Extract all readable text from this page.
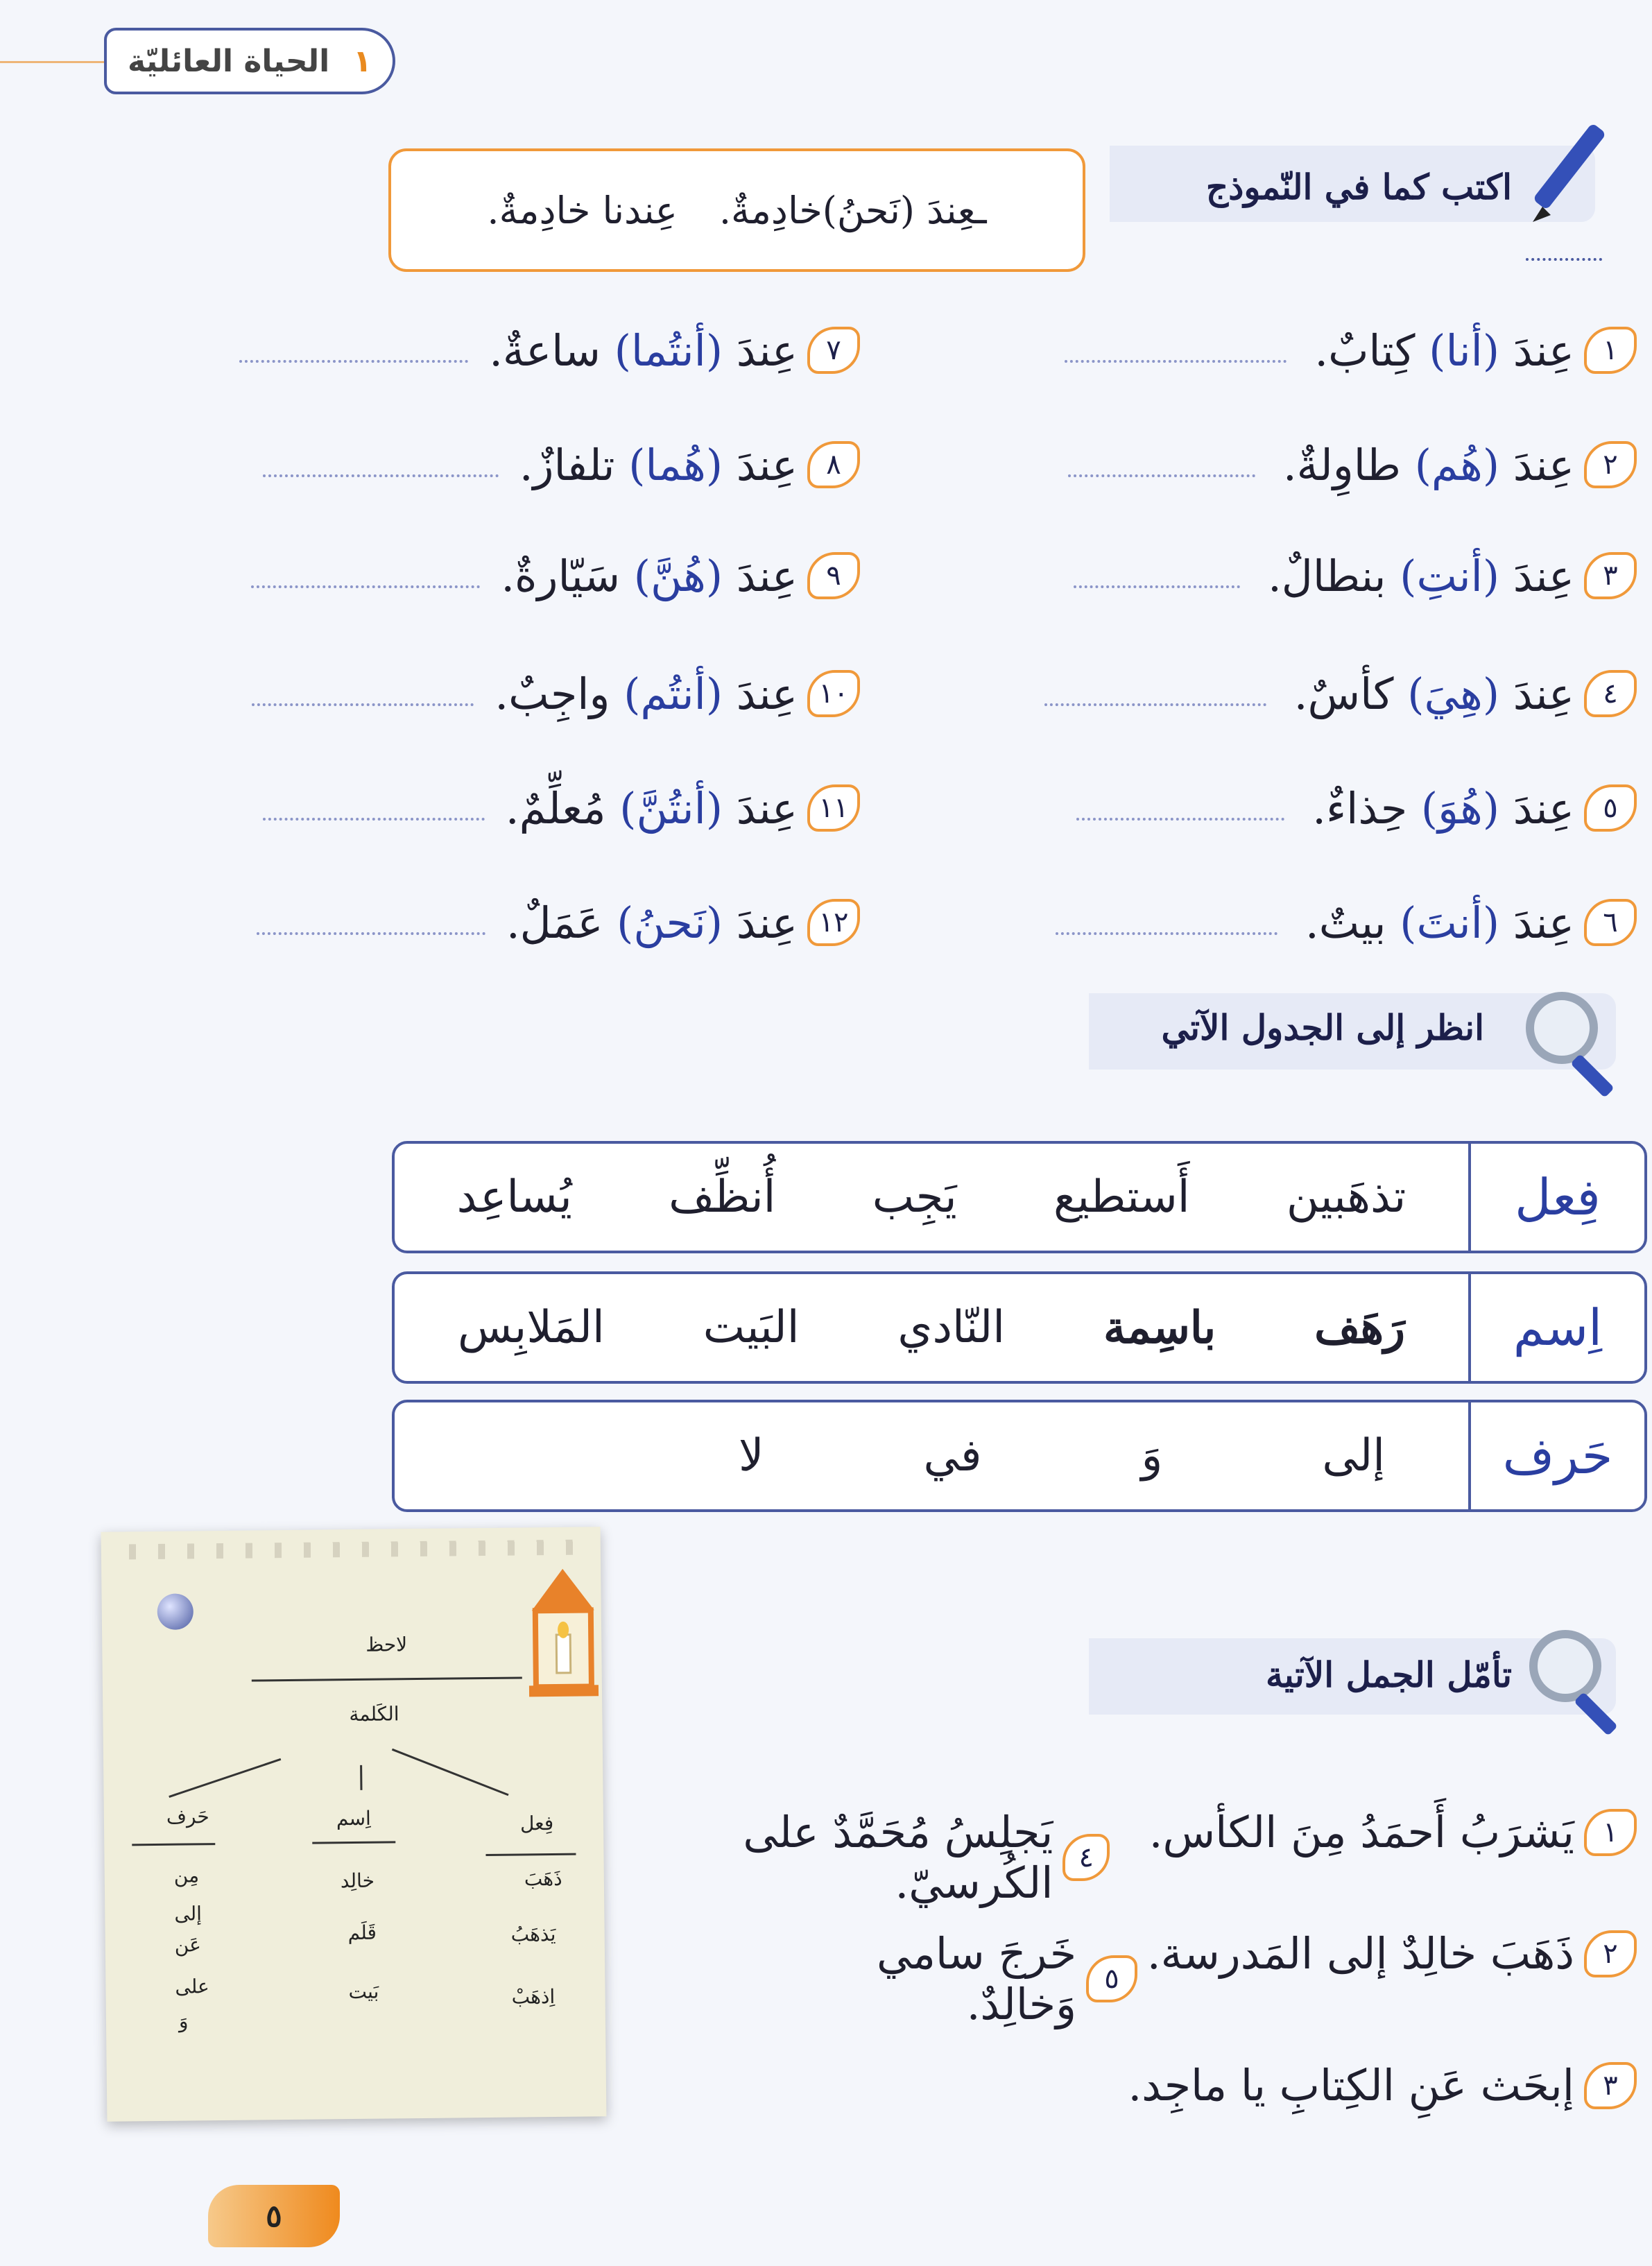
١
الحياة العائليّة
اكتب كما في النّموذج
ـعِندَ (نَحنُ)خادِمةٌ.
عِندنا خادِمةٌ.
١
عِندَ

(أنا)

كِتابٌ.
٢
عِندَ

(هُم)

طاوِلةٌ.
٣
عِندَ

(أنتِ)

بنطالٌ.
٤
عِندَ

(هِيَ)

كأسٌ.
٥
عِندَ

(هُوَ)

حِذاءٌ.
٦
عِندَ

(أنتَ)

بيتٌ.
٧
عِندَ

(أنتُما)

ساعةٌ.
٨
عِندَ

(هُما)

تلفازٌ.
٩
عِندَ

(هُنَّ)

سَيّارةٌ.
١٠
عِندَ

(أنتُم)

واجِبٌ.
١١
عِندَ

(أنتُنَّ)

مُعلِّمٌ.
١٢
عِندَ

(نَحنُ)

عَمَلٌ.
انظر إلى الجدول الآتي
فِعل
تذهَبين
أَستطيع
يَجِب
أُنظِّف
يُساعِد
اِسم
رَهَف
باسِمة
النّادي
البَيت
المَلابِس
حَرف
إلى
وَ
في
لا
لاحظ
الكَلمة
حَرف
مِن
إلى
عَن
على
وَ
اِسم
خالِد
قَلَم
بَيت
فِعل
ذَهَبَ
يَذهَبُ
اِذهَبْ
تأمّل الجمل الآتية
١
يَشرَبُ أَحمَدُ مِنَ الكأس.
٤
يَجلِسُ مُحَمَّدٌ على الكُرسيّ.
٢
ذَهَبَ خالِدٌ إلى المَدرسة.
٥
خَرجَ سامي وَخالِدٌ.
٣
إبحَث عَنِ الكِتابِ يا ماجِد.
٥
